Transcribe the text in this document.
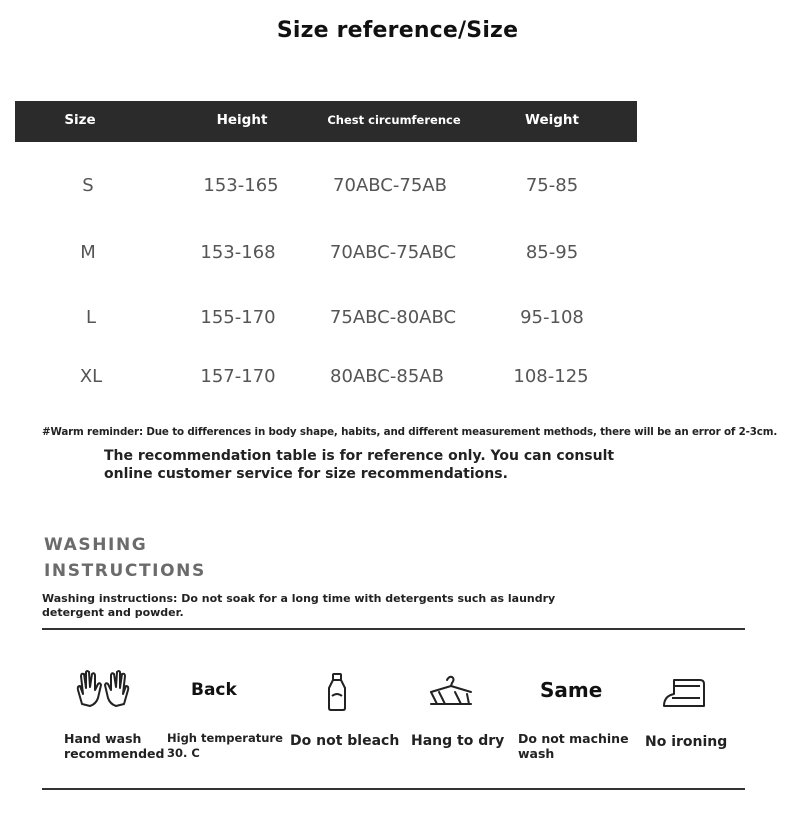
Size reference/Size
Size	Height	Chest circumference	Weight
S	153-165	70ABC-75AB	75-85
M	153-168	70ABC-75ABC	85-95
L	155-170	75ABC-80ABC	95-108
XL	157-170	80ABC-85AB	108-125
#Warm reminder: Due to differences in body shape, habits, and different measurement methods, there will be an error of 2-3cm.
The recommendation table is for reference only. You can consult online customer service for size recommendations.
WASHING
INSTRUCTIONS
Washing instructions: Do not soak for a long time with detergents such as laundry detergent and powder.
Back	Same
Hand wash
recommended
High temperature
30. C
Do not bleach Hang to dry Do not machine
wash
No ironing
